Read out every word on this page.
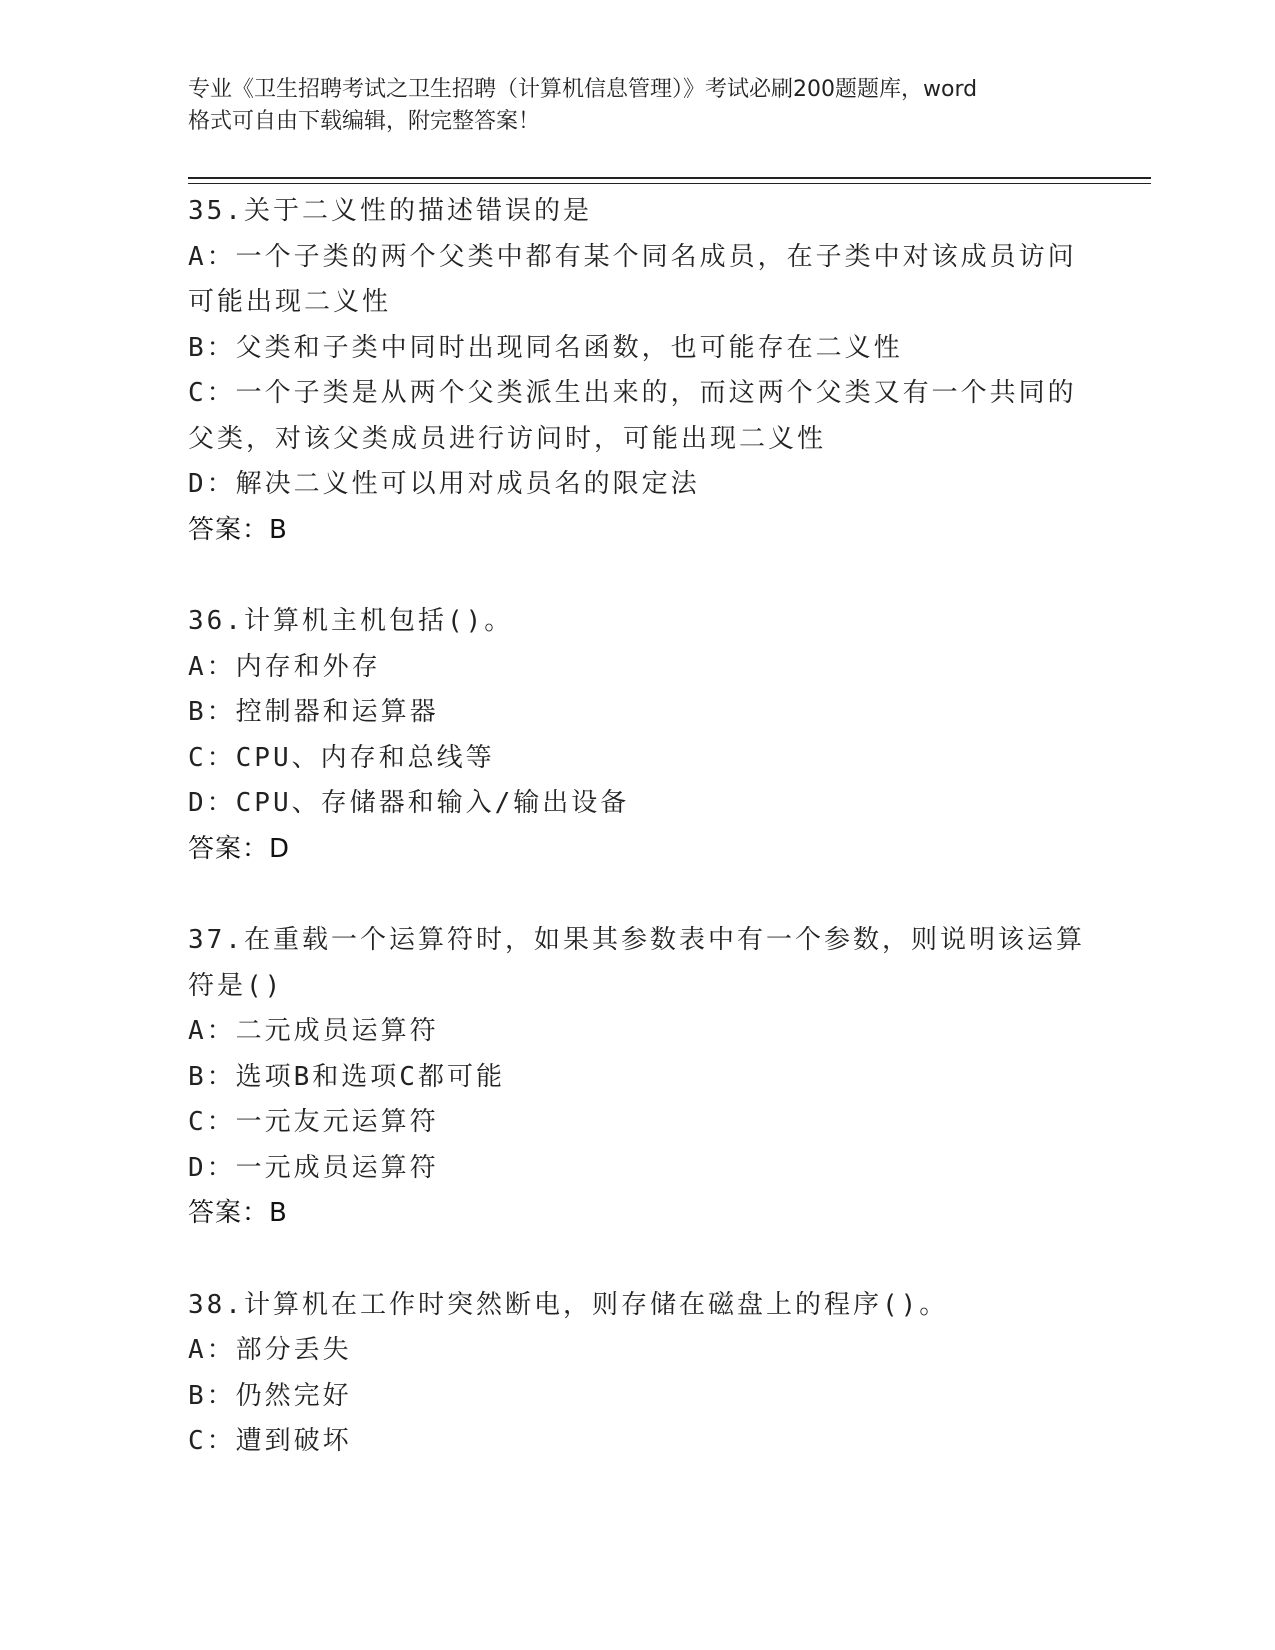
专业《卫生招聘考试之卫生招聘（计算机信息管理）》考试必刷200题题库，word
格式可自由下载编辑，附完整答案！
35.关于二义性的描述错误的是
A：一个子类的两个父类中都有某个同名成员，在子类中对该成员访问
可能出现二义性
B：父类和子类中同时出现同名函数，也可能存在二义性
C：一个子类是从两个父类派生出来的，而这两个父类又有一个共同的
父类，对该父类成员进行访问时，可能出现二义性
D：解决二义性可以用对成员名的限定法
答案：B
36.计算机主机包括()。
A：内存和外存
B：控制器和运算器
C：CPU、内存和总线等
D：CPU、存储器和输入/输出设备
答案：D
37.在重载一个运算符时，如果其参数表中有一个参数，则说明该运算
符是()
A：二元成员运算符
B：选项B和选项C都可能
C：一元友元运算符
D：一元成员运算符
答案：B
38.计算机在工作时突然断电，则存储在磁盘上的程序()。
A：部分丢失
B：仍然完好
C：遭到破坏
